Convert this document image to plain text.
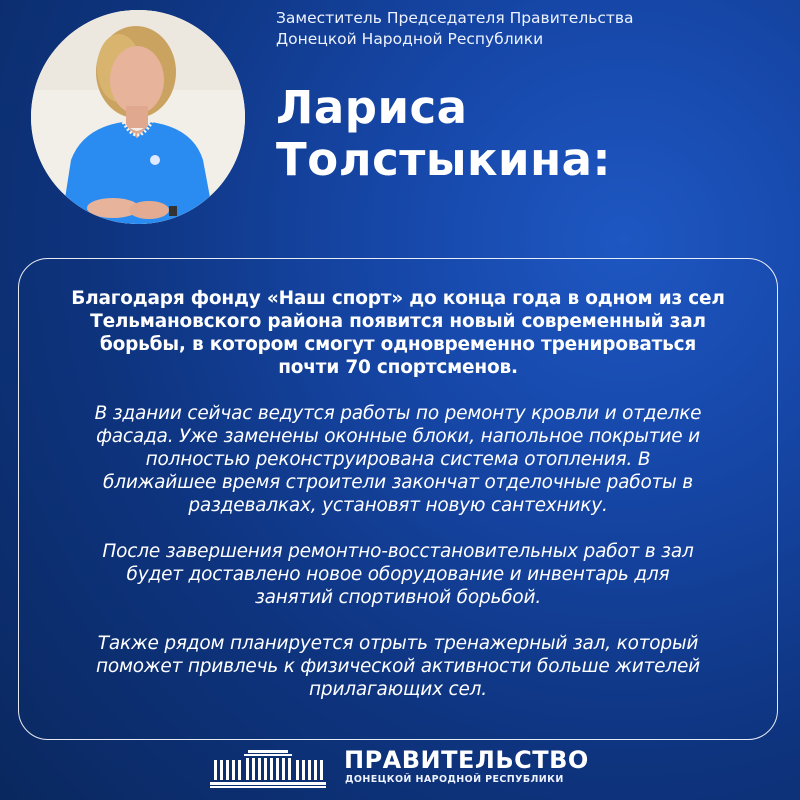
Заместитель Председателя Правительства
Донецкой Народной Республики
Лариса
Толстыкина:
Благодаря фонду «Наш спорт» до конца года в одном из сел
Тельмановского района появится новый современный зал
борьбы, в котором смогут одновременно тренироваться
почти 70 спортсменов.
В здании сейчас ведутся работы по ремонту кровли и отделке
фасада. Уже заменены оконные блоки, напольное покрытие и
полностью реконструирована система отопления. В
ближайшее время строители закончат отделочные работы в
раздевалках, установят новую сантехнику.
После завершения ремонтно-восстановительных работ в зал
будет доставлено новое оборудование и инвентарь для
занятий спортивной борьбой.
Также рядом планируется отрыть тренажерный зал, который
поможет привлечь к физической активности больше жителей
прилагающих сел.
ПРАВИТЕЛЬСТВО
ДОНЕЦКОЙ НАРОДНОЙ РЕСПУБЛИКИ
